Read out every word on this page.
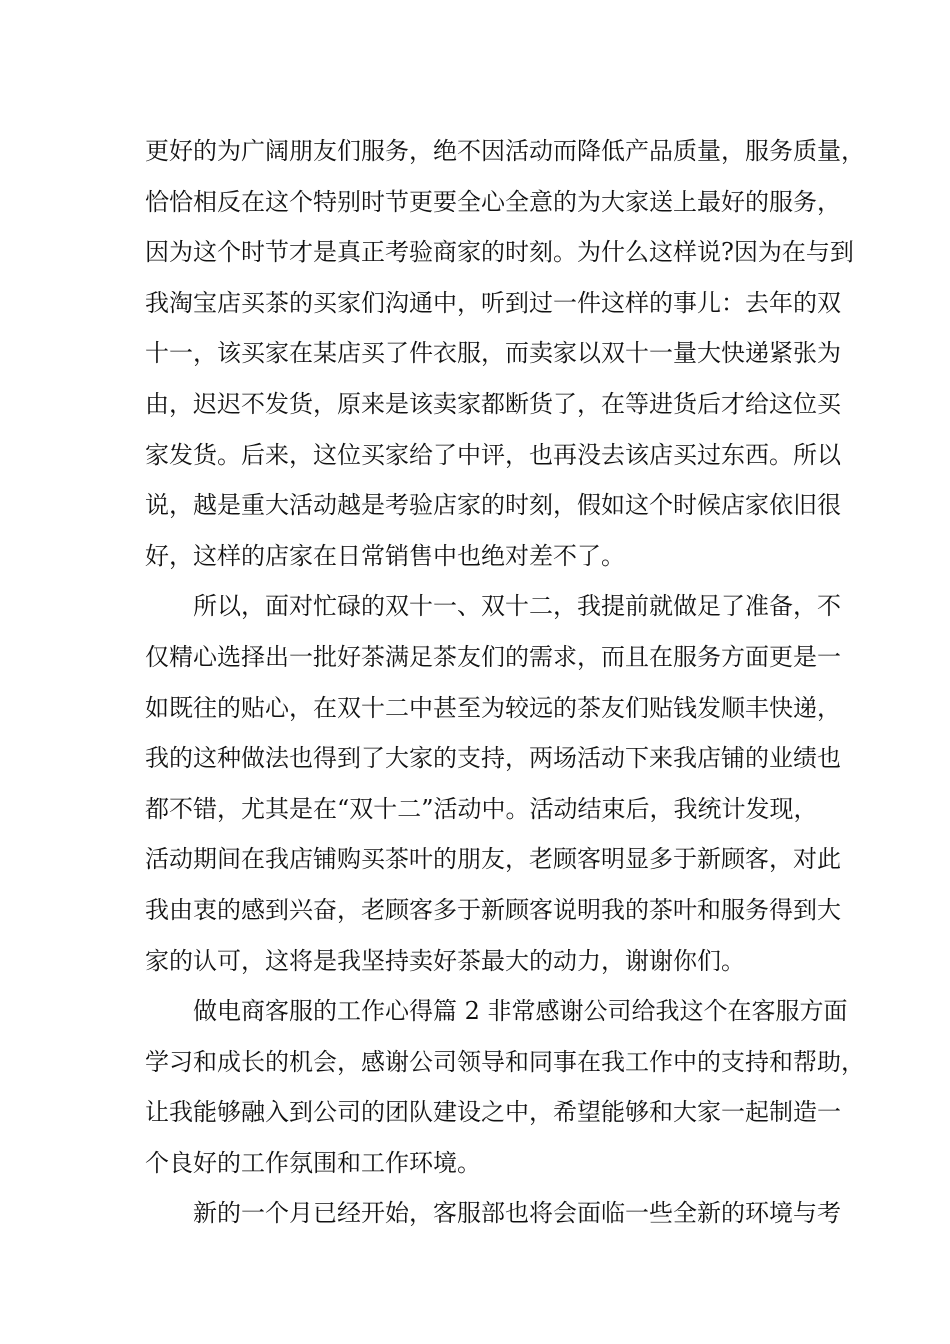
更好的为广阔朋友们服务，绝不因活动而降低产品质量，服务质量，
恰恰相反在这个特别时节更要全心全意的为大家送上最好的服务，
因为这个时节才是真正考验商家的时刻。为什么这样说?因为在与到
我淘宝店买茶的买家们沟通中，听到过一件这样的事儿：去年的双
十一，该买家在某店买了件衣服，而卖家以双十一量大快递紧张为
由，迟迟不发货，原来是该卖家都断货了，在等进货后才给这位买
家发货。后来，这位买家给了中评，也再没去该店买过东西。所以
说，越是重大活动越是考验店家的时刻，假如这个时候店家依旧很
好，这样的店家在日常销售中也绝对差不了。
所以，面对忙碌的双十一、双十二，我提前就做足了准备，不
仅精心选择出一批好茶满足茶友们的需求，而且在服务方面更是一
如既往的贴心，在双十二中甚至为较远的茶友们贴钱发顺丰快递，
我的这种做法也得到了大家的支持，两场活动下来我店铺的业绩也
都不错，尤其是在“双十二”活动中。活动结束后，我统计发现，
活动期间在我店铺购买茶叶的朋友，老顾客明显多于新顾客，对此
我由衷的感到兴奋，老顾客多于新顾客说明我的茶叶和服务得到大
家的认可，这将是我坚持卖好茶最大的动力，谢谢你们。
做电商客服的工作心得篇 2 非常感谢公司给我这个在客服方面
学习和成长的机会，感谢公司领导和同事在我工作中的支持和帮助，
让我能够融入到公司的团队建设之中，希望能够和大家一起制造一
个良好的工作氛围和工作环境。
新的一个月已经开始，客服部也将会面临一些全新的环境与考
